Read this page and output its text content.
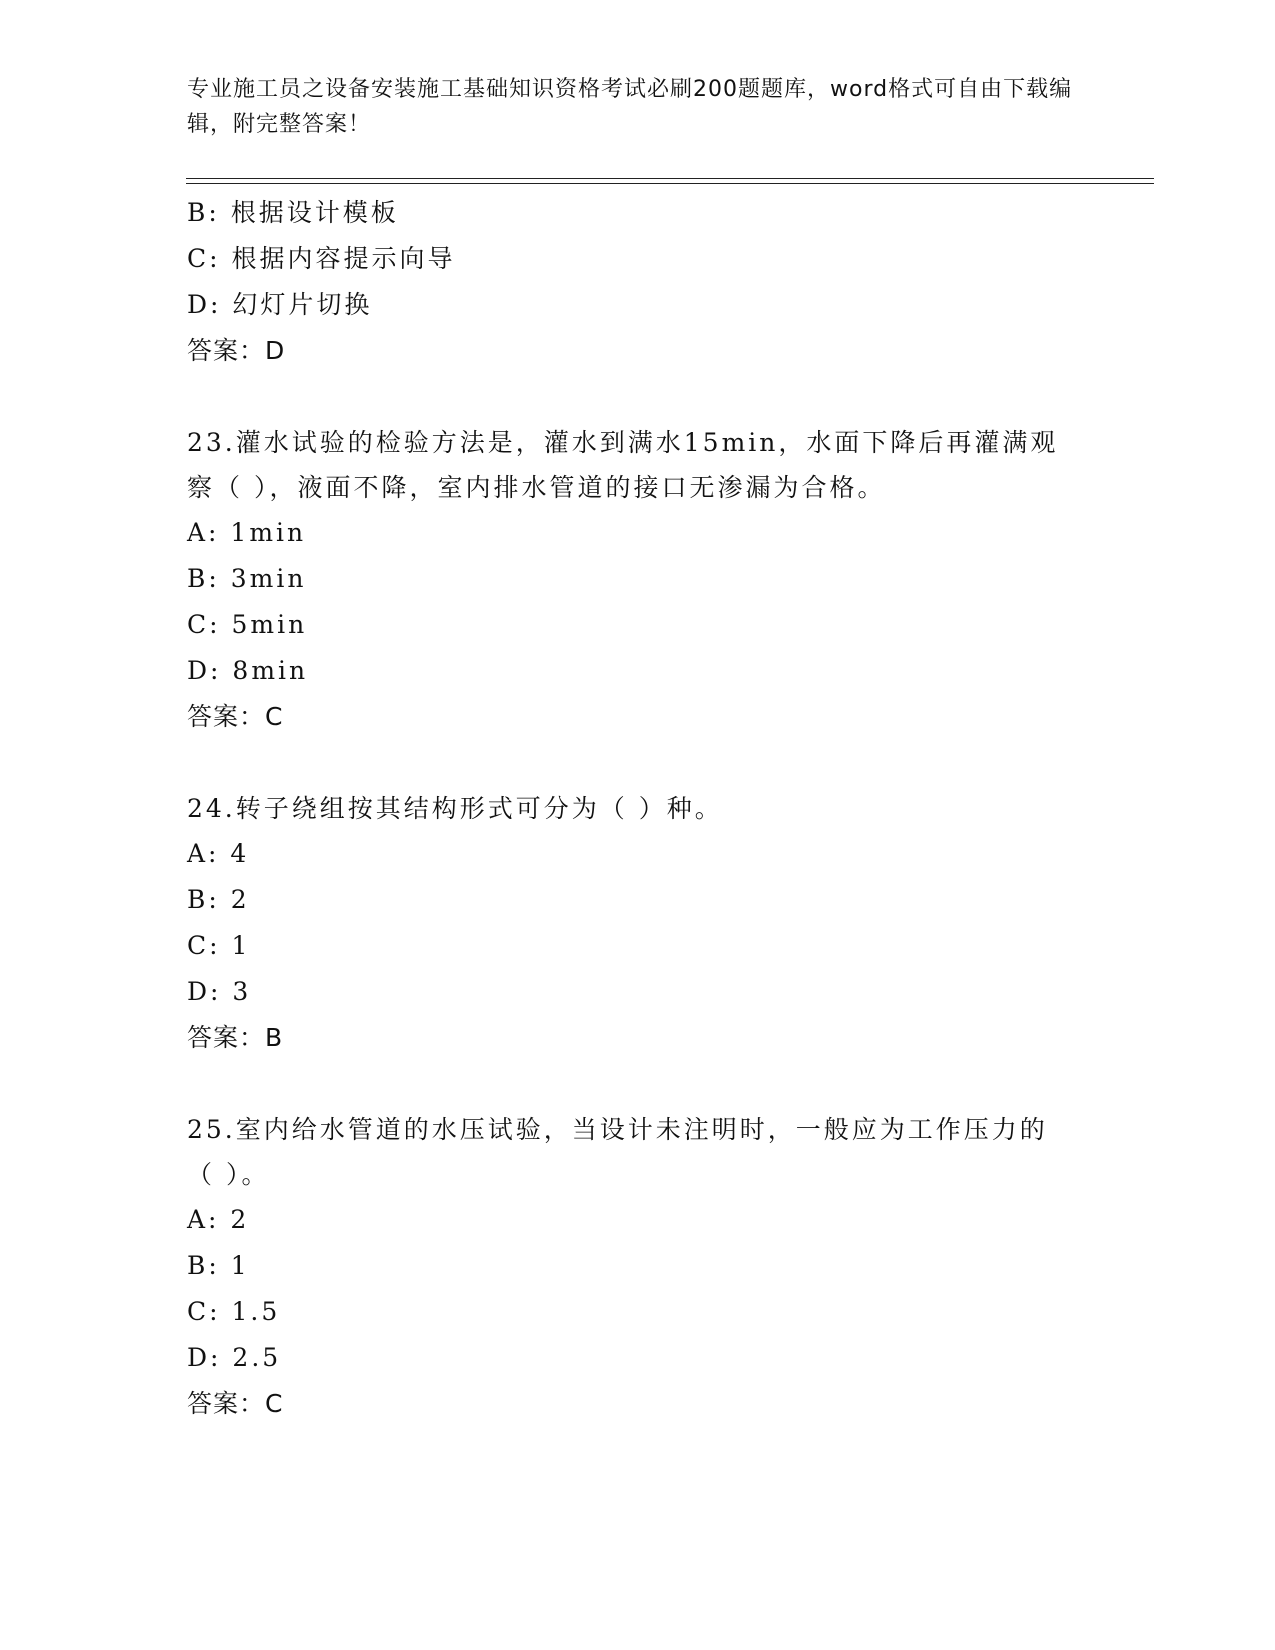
专业施工员之设备安装施工基础知识资格考试必刷200题题库，word格式可自由下载编辑，附完整答案！
B: 根据设计模板
C: 根据内容提示向导
D: 幻灯片切换
答案：D
23.灌水试验的检验方法是，灌水到满水15min，水面下降后再灌满观察（ ），液面不降，室内排水管道的接口无渗漏为合格。
A: 1min
B: 3min
C: 5min
D: 8min
答案：C
24.转子绕组按其结构形式可分为（ ）种。
A: 4
B: 2
C: 1
D: 3
答案：B
25.室内给水管道的水压试验，当设计未注明时，一般应为工作压力的（ ）。
A: 2
B: 1
C: 1.5
D: 2.5
答案：C
